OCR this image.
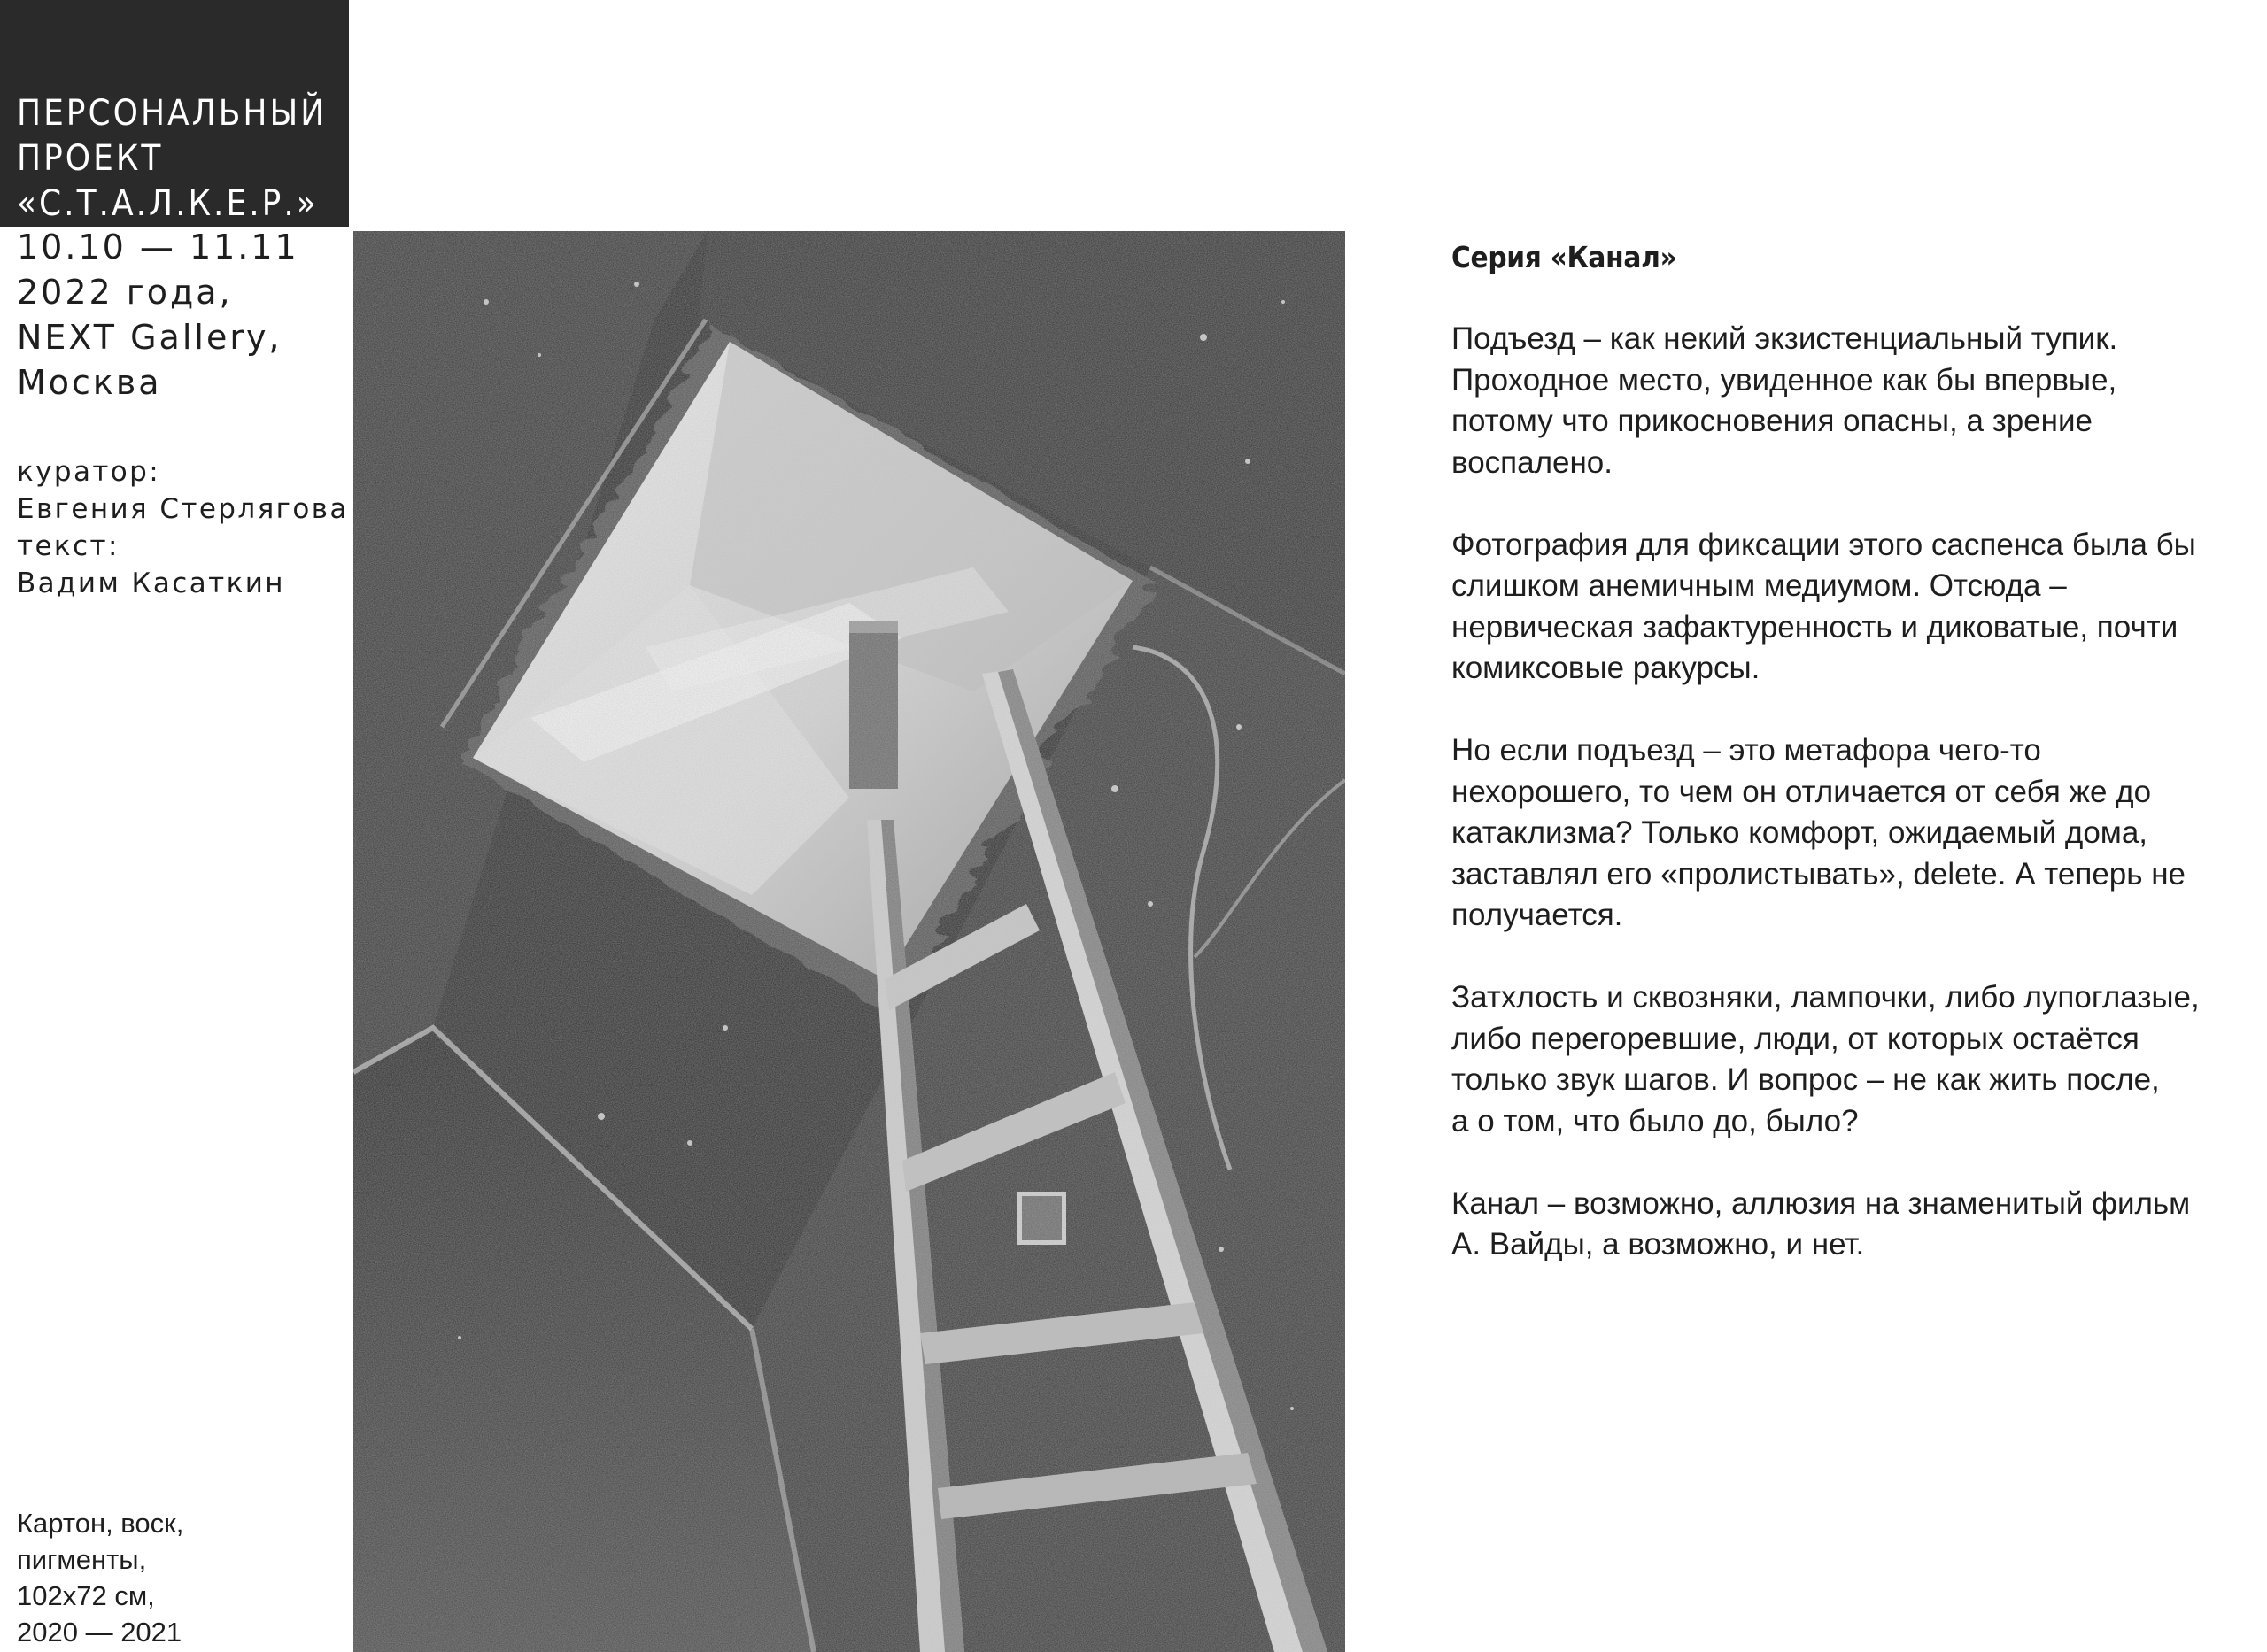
ПЕРСОНАЛЬНЫЙ
ПРОЕКТ
«С.Т.А.Л.К.Е.Р.»
10.10 — 11.11
2022 года,
NEXT Gallery,
Москва
куратор:
Евгения Стерлягова
текст:
Вадим Касаткин
Картон, воск,
пигменты,
102х72 см,
2020 — 2021
Серия «Канал»
Подъезд – как некий экзистенциальный тупик.
Проходное место, увиденное как бы впервые,
потому что прикосновения опасны, а зрение
воспалено.
Фотография для фиксации этого саспенса была бы
слишком анемичным медиумом. Отсюда –
нервическая зафактуренность и диковатые, почти
комиксовые ракурсы.
Но если подъезд – это метафора чего-то
нехорошего, то чем он отличается от себя же до
катаклизма? Только комфорт, ожидаемый дома,
заставлял его «пролистывать», delete. А теперь не
получается.
Затхлость и сквозняки, лампочки, либо лупоглазые,
либо перегоревшие, люди, от которых остаётся
только звук шагов. И вопрос – не как жить после,
а о том, что было до, было?
Канал – возможно, аллюзия на знаменитый фильм
А. Вайды, а возможно, и нет.
